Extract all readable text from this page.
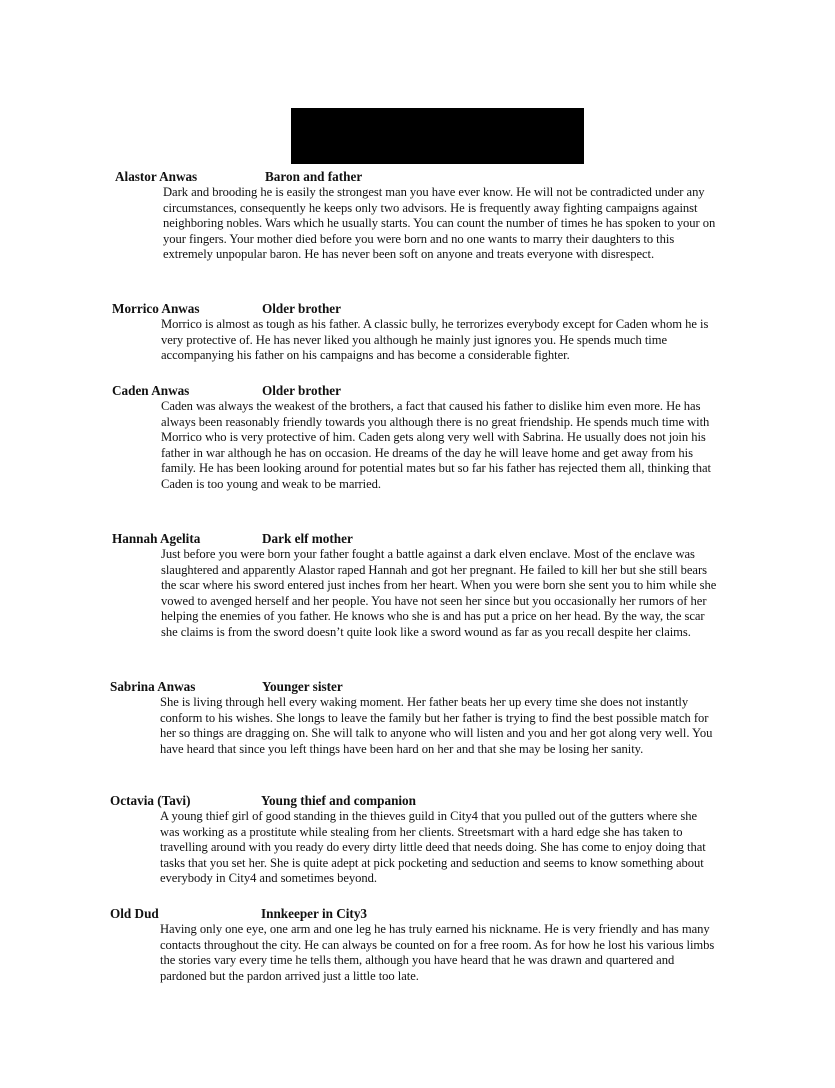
Alastor Anwas	Baron and father
Dark and brooding he is easily the strongest man you have ever know. He will not be contradicted under any circumstances, consequently he keeps only two advisors. He is frequently away fighting campaigns against neighboring nobles. Wars which he usually starts. You can count the number of times he has spoken to your on your fingers. Your mother died before you were born and no one wants to marry their daughters to this extremely unpopular baron. He has never been soft on anyone and treats everyone with disrespect.
Morrico Anwas	Older brother
Morrico is almost as tough as his father. A classic bully, he terrorizes everybody except for Caden whom he is very protective of. He has never liked you although he mainly just ignores you. He spends much time accompanying his father on his campaigns and has become a considerable fighter.
Caden Anwas	Older brother
Caden was always the weakest of the brothers, a fact that caused his father to dislike him even more. He has always been reasonably friendly towards you although there is no great friendship. He spends much time with Morrico who is very protective of him. Caden gets along very well with Sabrina. He usually does not join his father in war although he has on occasion. He dreams of the day he will leave home and get away from his family. He has been looking around for potential mates but so far his father has rejected them all, thinking that Caden is too young and weak to be married.
Hannah Agelita	Dark elf mother
Just before you were born your father fought a battle against a dark elven enclave. Most of the enclave was slaughtered and apparently Alastor raped Hannah and got her pregnant. He failed to kill her but she still bears the scar where his sword entered just inches from her heart. When you were born she sent you to him while she vowed to avenged herself and her people. You have not seen her since but you occasionally her rumors of her helping the enemies of you father. He knows who she is and has put a price on her head. By the way, the scar she claims is from the sword doesn’t quite look like a sword wound as far as you recall despite her claims.
Sabrina Anwas	Younger sister
She is living through hell every waking moment. Her father beats her up every time she does not instantly conform to his wishes. She longs to leave the family but her father is trying to find the best possible match for her so things are dragging on. She will talk to anyone who will listen and you and her got along very well. You have heard that since you left things have been hard on her and that she may be losing her sanity.
Octavia (Tavi)	Young thief and companion
A young thief girl of good standing in the thieves guild in City4 that you pulled out of the gutters where she was working as a prostitute while stealing from her clients. Streetsmart with a hard edge she has taken to travelling around with you ready do every dirty little deed that needs doing. She has come to enjoy doing that tasks that you set her. She is quite adept at pick pocketing and seduction and seems to know something about everybody in City4 and sometimes beyond.
Old Dud	Innkeeper in City3
Having only one eye, one arm and one leg he has truly earned his nickname. He is very friendly and has many contacts throughout the city. He can always be counted on for a free room. As for how he lost his various limbs the stories vary every time he tells them, although you have heard that he was drawn and quartered and pardoned but the pardon arrived just a little too late.
